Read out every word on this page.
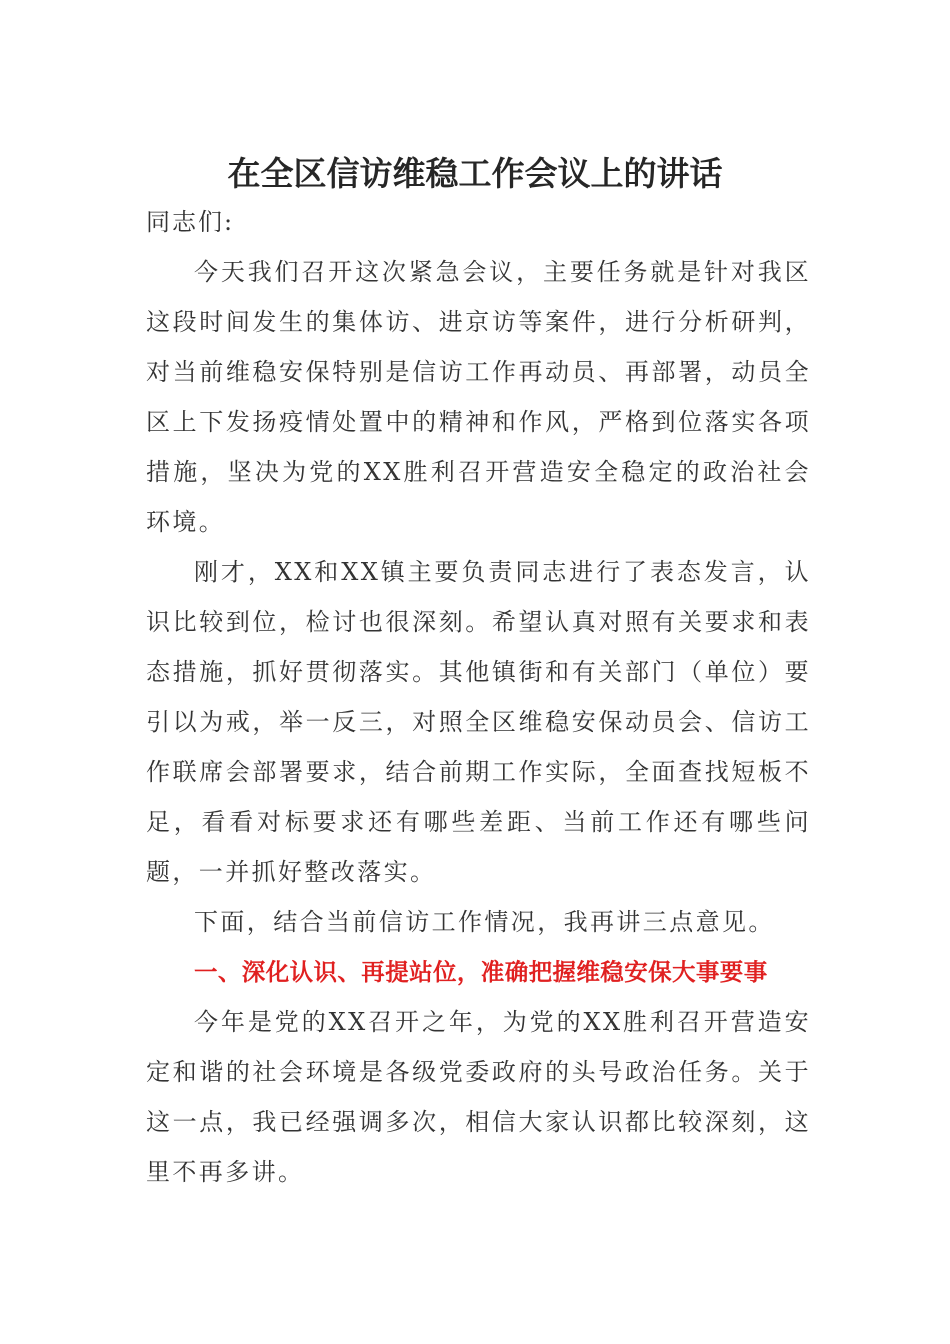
在全区信访维稳工作会议上的讲话

同志们:

今天我们召开这次紧急会议，主要任务就是针对我区这段时间发生的集体访、进京访等案件，进行分析研判，对当前维稳安保特别是信访工作再动员、再部署，动员全区上下发扬疫情处置中的精神和作风，严格到位落实各项措施，坚决为党的XX胜利召开营造安全稳定的政治社会环境。

刚才，XX和XX镇主要负责同志进行了表态发言，认识比较到位，检讨也很深刻。希望认真对照有关要求和表态措施，抓好贯彻落实。其他镇街和有关部门（单位）要引以为戒，举一反三，对照全区维稳安保动员会、信访工作联席会部署要求，结合前期工作实际，全面查找短板不足，看看对标要求还有哪些差距、当前工作还有哪些问题，一并抓好整改落实。

下面，结合当前信访工作情况，我再讲三点意见。

一、深化认识、再提站位，准确把握维稳安保大事要事

今年是党的XX召开之年，为党的XX胜利召开营造安定和谐的社会环境是各级党委政府的头号政治任务。关于这一点，我已经强调多次，相信大家认识都比较深刻，这里不再多讲。
